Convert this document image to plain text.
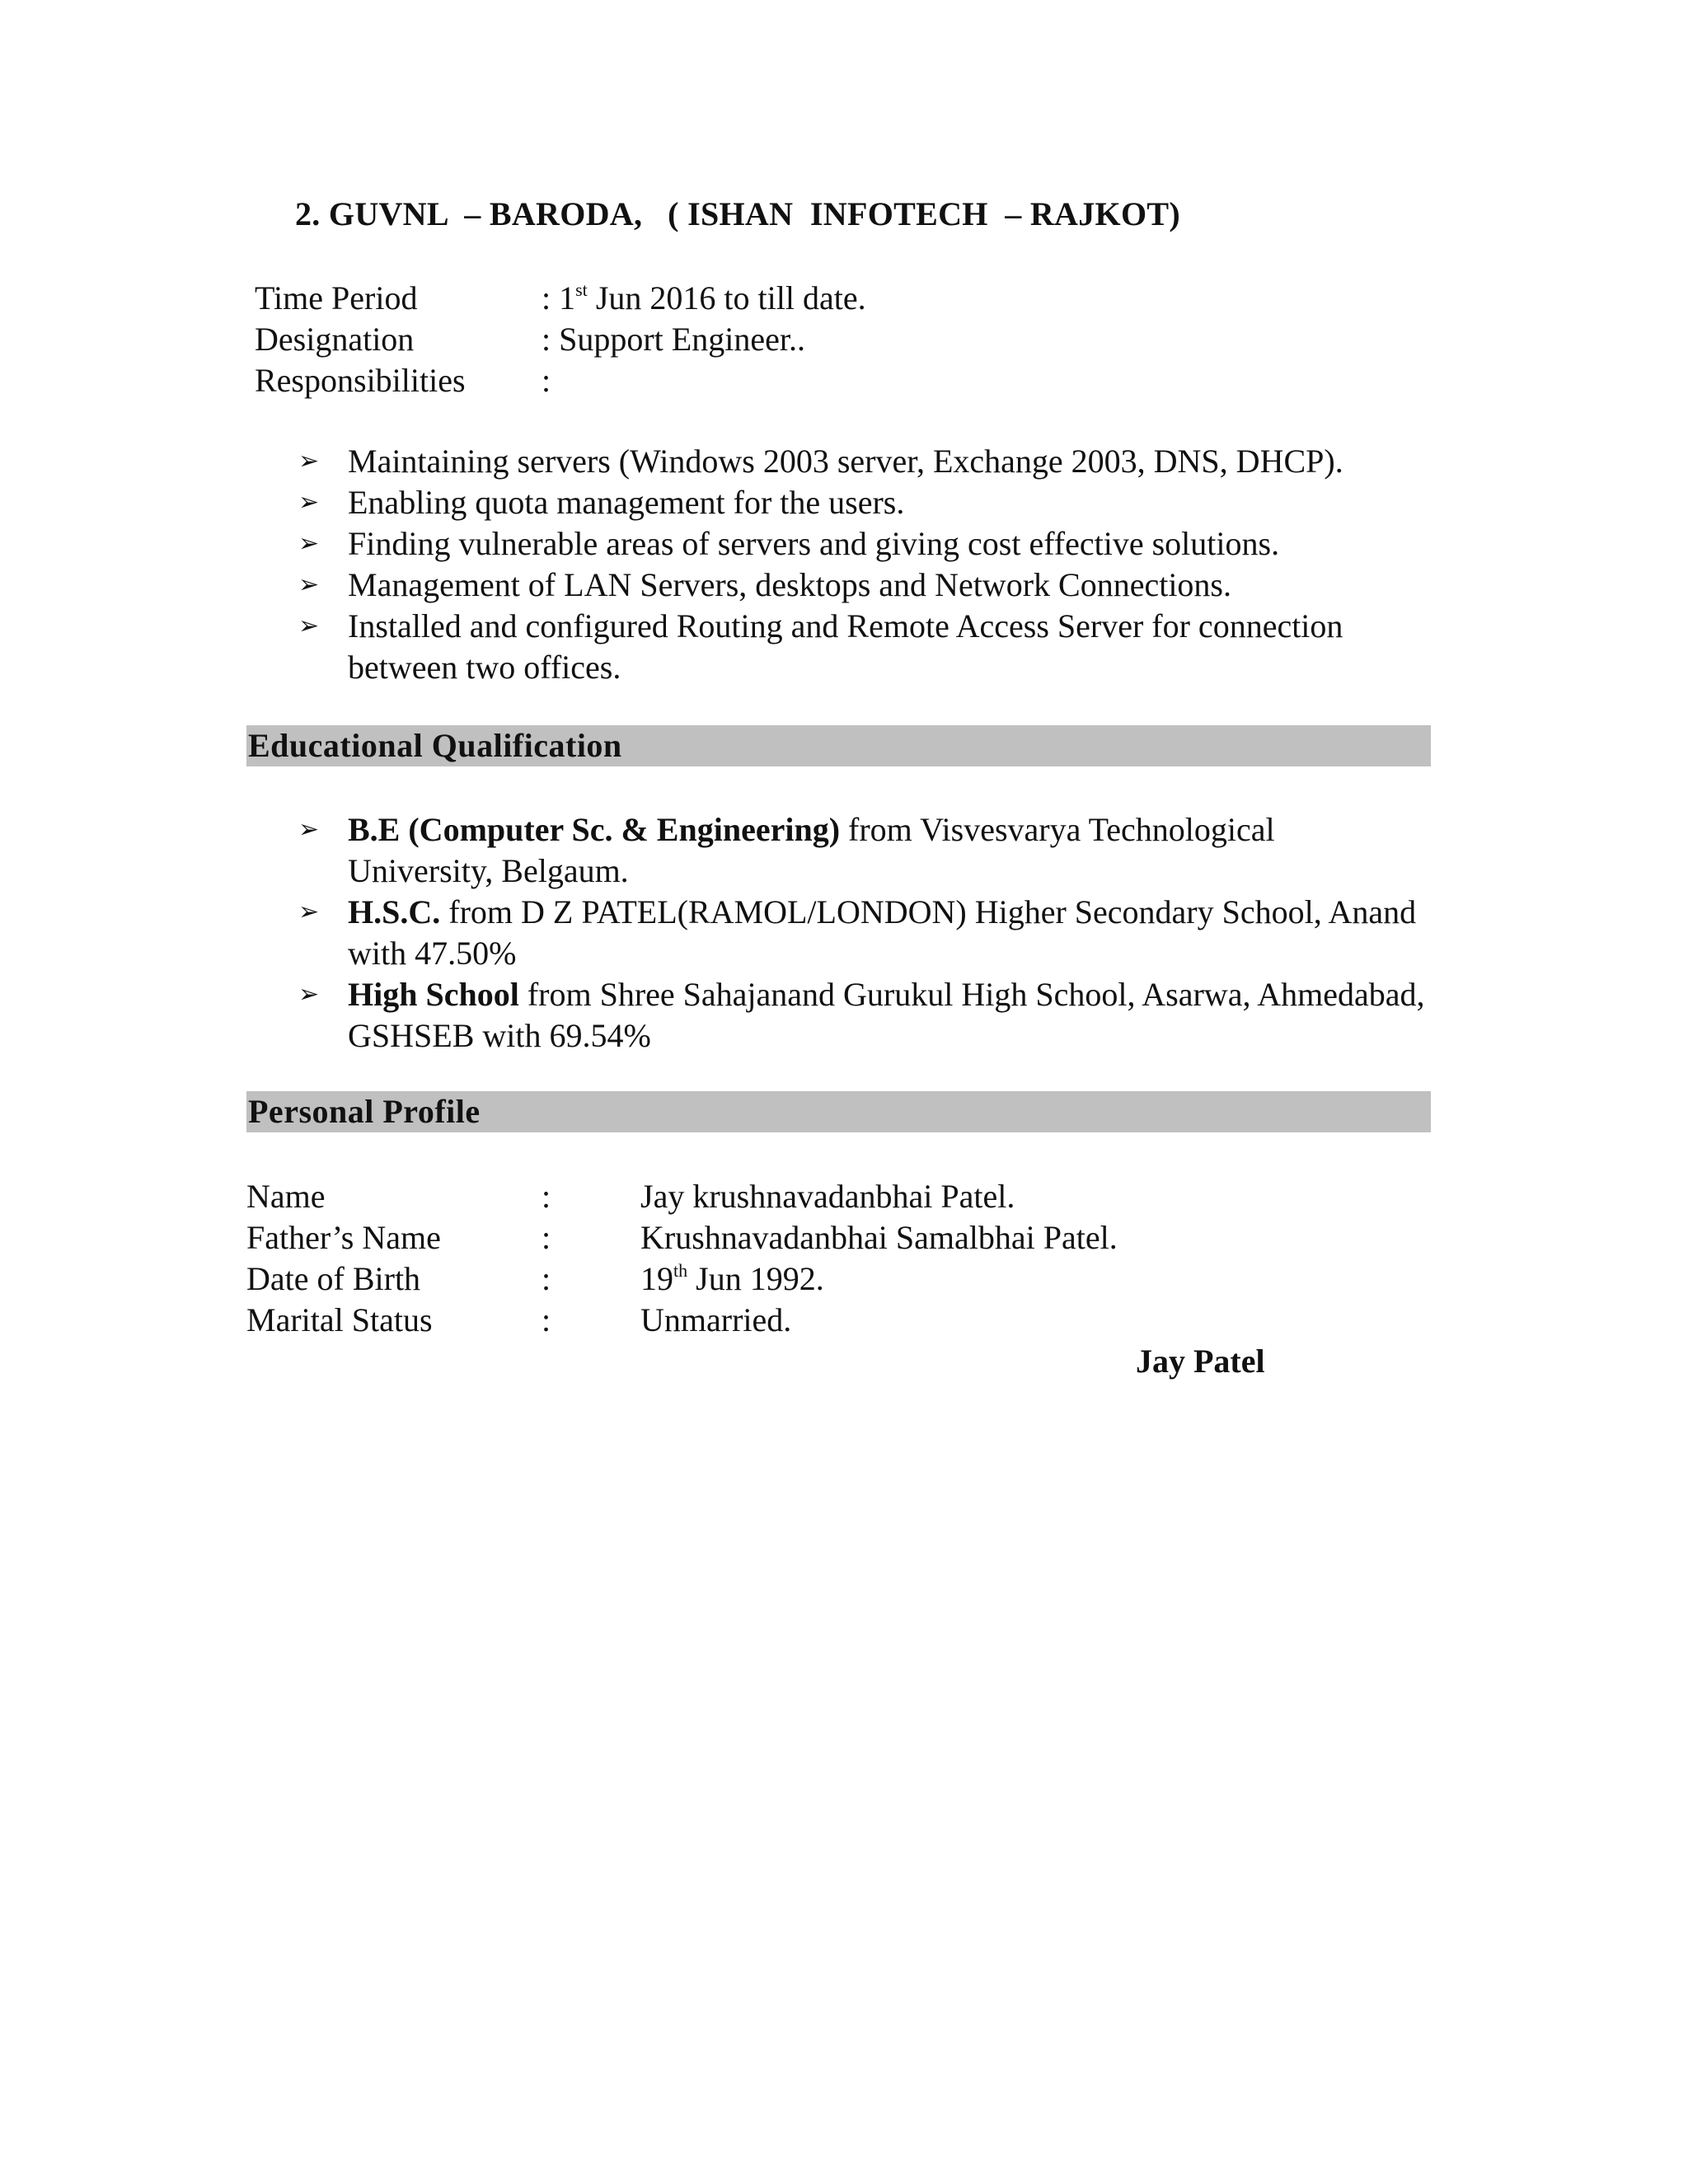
2. GUVNL  – BARODA,   ( ISHAN  INFOTECH  – RAJKOT)
Time Period	: 1st Jun 2016 to till date.
Designation	: Support Engineer..
Responsibilities :
➢ Maintaining servers (Windows 2003 server, Exchange 2003, DNS, DHCP).
➢ Enabling quota management for the users.
➢ Finding vulnerable areas of servers and giving cost effective solutions.
➢ Management of LAN Servers, desktops and Network Connections.
➢ Installed and configured Routing and Remote Access Server for connection between two offices.
Educational Qualification
➢ B.E (Computer Sc. & Engineering) from Visvesvarya Technological University, Belgaum.
➢ H.S.C. from D Z PATEL(RAMOL/LONDON) Higher Secondary School, Anand with 47.50%
➢ High School from Shree Sahajanand Gurukul High School, Asarwa, Ahmedabad, GSHSEB with 69.54%
Personal Profile
Name	:	Jay krushnavadanbhai Patel.
Father’s Name	:	Krushnavadanbhai Samalbhai Patel.
Date of Birth	:	19th Jun 1992.
Marital Status	:	Unmarried.
Jay Patel
